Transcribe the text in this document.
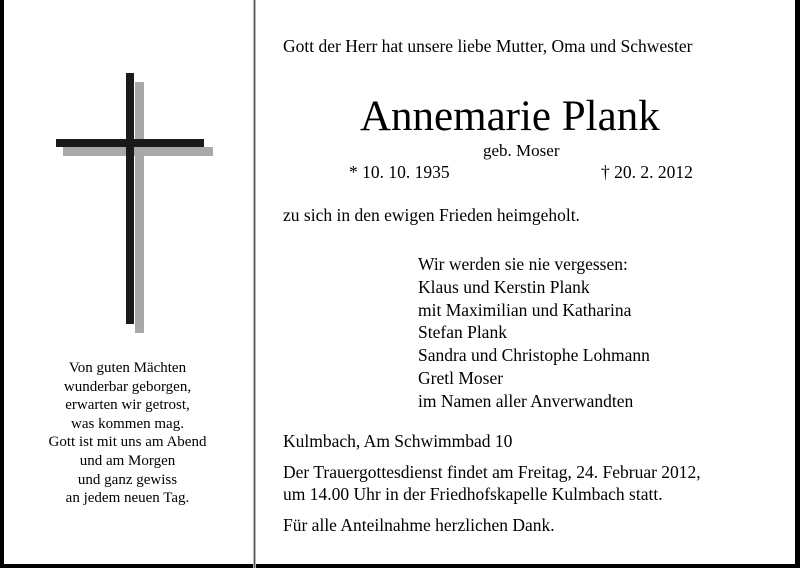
Von guten Mächten
wunderbar geborgen,
erwarten wir getrost,
was kommen mag.
Gott ist mit uns am Abend
und am Morgen
und ganz gewiss
an jedem neuen Tag.
Gott der Herr hat unsere liebe Mutter, Oma und Schwester
Annemarie Plank
geb. Moser
* 10. 10. 1935	† 20. 2. 2012
zu sich in den ewigen Frieden heimgeholt.
Wir werden sie nie vergessen:
Klaus und Kerstin Plank
mit Maximilian und Katharina
Stefan Plank
Sandra und Christophe Lohmann
Gretl Moser
im Namen aller Anverwandten
Kulmbach, Am Schwimmbad 10
Der Trauergottesdienst findet am Freitag, 24. Februar 2012,
um 14.00 Uhr in der Friedhofskapelle Kulmbach statt.
Für alle Anteilnahme herzlichen Dank.
